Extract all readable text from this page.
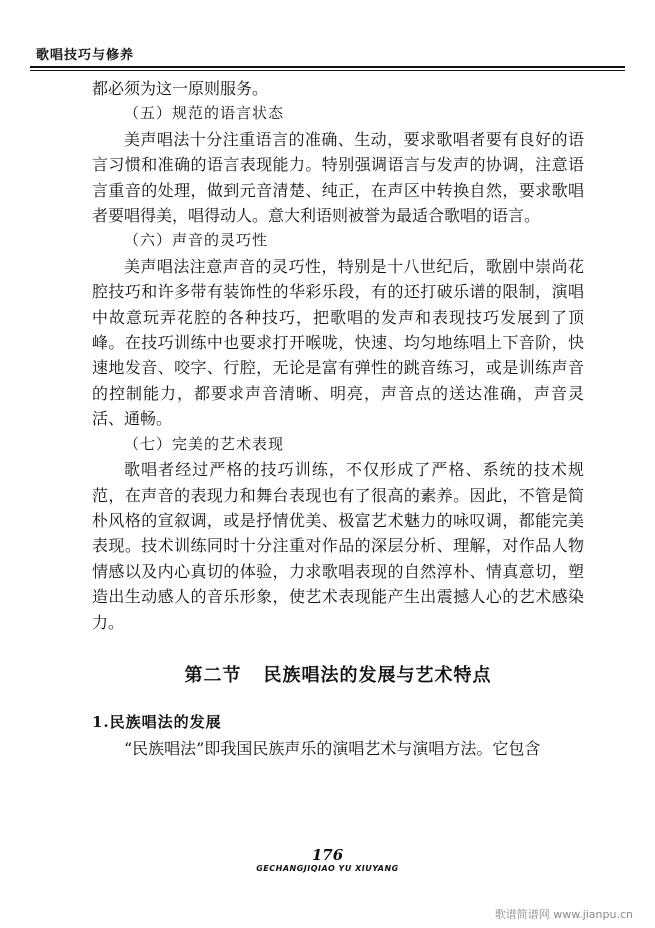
歌唱技巧与修养

都必须为这一原则服务。

（五）规范的语言状态

美声唱法十分注重语言的准确、生动，要求歌唱者要有良好的语言习惯和准确的语言表现能力。特别强调语言与发声的协调，注意语言重音的处理，做到元音清楚、纯正，在声区中转换自然，要求歌唱者要唱得美，唱得动人。意大利语则被誉为最适合歌唱的语言。

（六）声音的灵巧性

美声唱法注意声音的灵巧性，特别是十八世纪后，歌剧中崇尚花腔技巧和许多带有装饰性的华彩乐段，有的还打破乐谱的限制，演唱中故意玩弄花腔的各种技巧，把歌唱的发声和表现技巧发展到了顶峰。在技巧训练中也要求打开喉咙，快速、均匀地练唱上下音阶，快速地发音、咬字、行腔，无论是富有弹性的跳音练习，或是训练声音的控制能力，都要求声音清晰、明亮，声音点的送达准确，声音灵活、通畅。

（七）完美的艺术表现

歌唱者经过严格的技巧训练，不仅形成了严格、系统的技术规范，在声音的表现力和舞台表现也有了很高的素养。因此，不管是简朴风格的宣叙调，或是抒情优美、极富艺术魅力的咏叹调，都能完美表现。技术训练同时十分注重对作品的深层分析、理解，对作品人物情感以及内心真切的体验，力求歌唱表现的自然淳朴、情真意切，塑造出生动感人的音乐形象，使艺术表现能产生出震撼人心的艺术感染力。

第二节 民族唱法的发展与艺术特点

1.民族唱法的发展

“民族唱法”即我国民族声乐的演唱艺术与演唱方法。它包含

176
GECHANGJIQIAO YU XIUYANG
歌谱简谱网 www.jianpu.cn
